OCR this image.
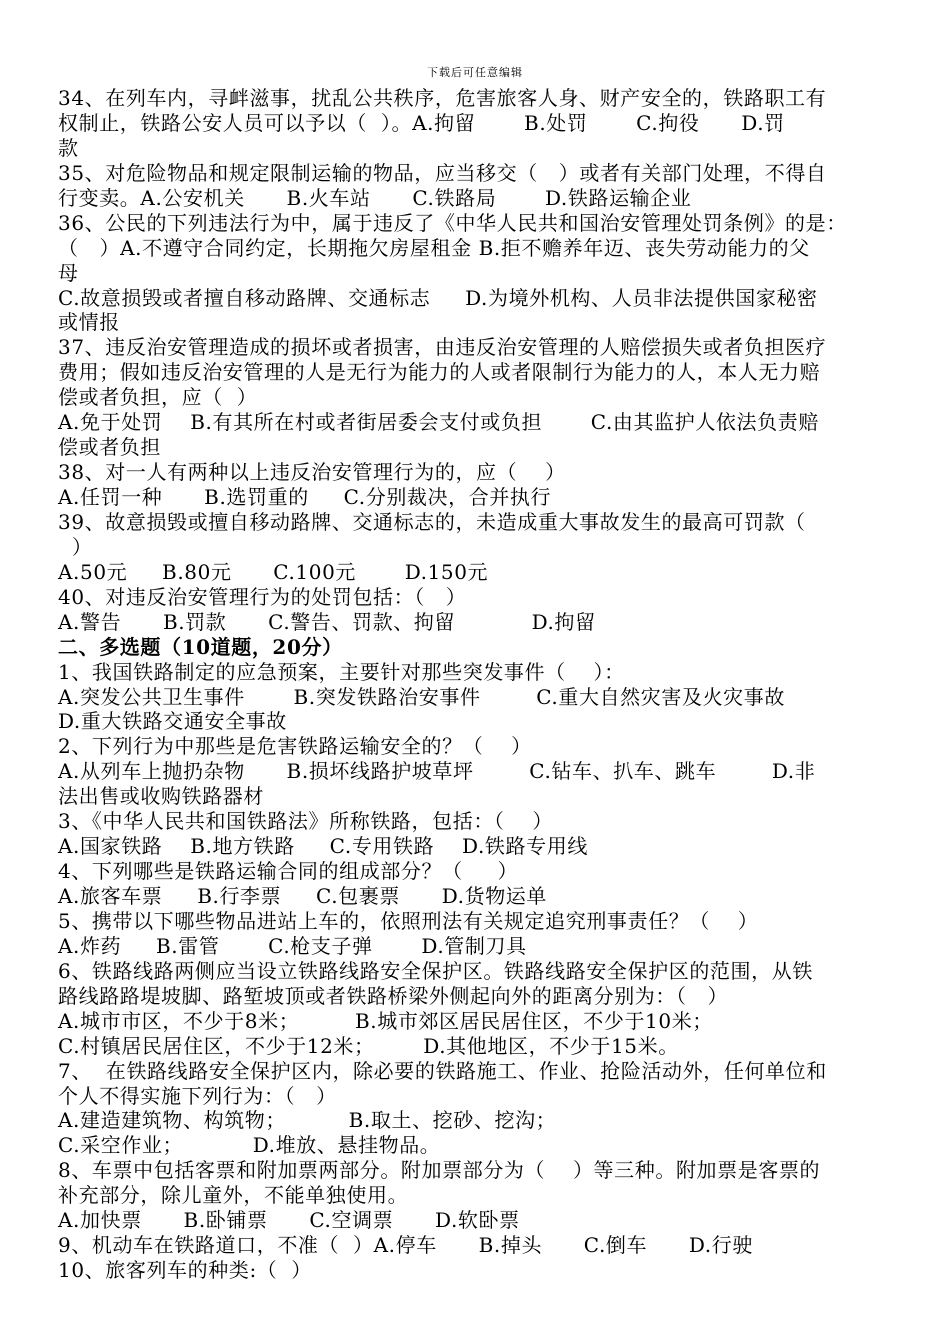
下载后可任意编辑
34、在列车内，寻衅滋事，扰乱公共秩序，危害旅客人身、财产安全的，铁路职工有
权制止，铁路公安人员可以予以（  ）。A.拘留       B.处罚       C.拘役      D.罚
款
35、对危险物品和规定限制运输的物品，应当移交（   ）或者有关部门处理，不得自
行变卖。A.公安机关      B.火车站      C.铁路局       D.铁路运输企业
36、公民的下列违法行为中，属于违反了《中华人民共和国治安管理处罚条例》的是：
（   ）A.不遵守合同约定，长期拖欠房屋租金 B.拒不赡养年迈、丧失劳动能力的父
母
C.故意损毁或者擅自移动路牌、交通标志     D.为境外机构、人员非法提供国家秘密
或情报
37、违反治安管理造成的损坏或者损害，由违反治安管理的人赔偿损失或者负担医疗
费用；假如违反治安管理的人是无行为能力的人或者限制行为能力的人，本人无力赔
偿或者负担，应（  ）
A.免于处罚    B.有其所在村或者街居委会支付或负担       C.由其监护人依法负责赔
偿或者负担
38、对一人有两种以上违反治安管理行为的，应（    ）
A.任罚一种      B.选罚重的     C.分别裁决，合并执行
39、故意损毁或擅自移动路牌、交通标志的，未造成重大事故发生的最高可罚款（
）
A.50元     B.80元      C.100元       D.150元
40、对违反治安管理行为的处罚包括：（   ）
A.警告      B.罚款      C.警告、罚款、拘留           D.拘留
二、多选题（10道题，20分）
1、我国铁路制定的应急预案，主要针对那些突发事件（    ）：
A.突发公共卫生事件       B.突发铁路治安事件        C.重大自然灾害及火灾事故
D.重大铁路交通安全事故
2、下列行为中那些是危害铁路运输安全的？（    ）
A.从列车上抛扔杂物      B.损坏线路护坡草坪        C.钻车、扒车、跳车        D.非
法出售或收购铁路器材
3、《中华人民共和国铁路法》所称铁路，包括：（    ）
A.国家铁路    B.地方铁路     C.专用铁路    D.铁路专用线
4、下列哪些是铁路运输合同的组成部分？（     ）
A.旅客车票     B.行李票     C.包裹票      D.货物运单
5、携带以下哪些物品进站上车的，依照刑法有关规定追究刑事责任？（    ）
A.炸药     B.雷管       C.枪支子弹       D.管制刀具
6、铁路线路两侧应当设立铁路线路安全保护区。铁路线路安全保护区的范围，从铁
路线路路堤坡脚、路堑坡顶或者铁路桥梁外侧起向外的距离分别为：（   ）
A.城市市区，不少于8米；        B.城市郊区居民居住区，不少于10米；
C.村镇居民居住区，不少于12米；       D.其他地区，不少于15米。
7、  在铁路线路安全保护区内，除必要的铁路施工、作业、抢险活动外，任何单位和
个人不得实施下列行为：（   ）
A.建造建筑物、构筑物；         B.取土、挖砂、挖沟；
C.采空作业；          D.堆放、悬挂物品。
8、车票中包括客票和附加票两部分。附加票部分为（    ）等三种。附加票是客票的
补充部分，除儿童外，不能单独使用。
A.加快票      B.卧铺票      C.空调票      D.软卧票
9、机动车在铁路道口，不准（  ）A.停车      B.掉头      C.倒车      D.行驶
10、旅客列车的种类:（  ）
